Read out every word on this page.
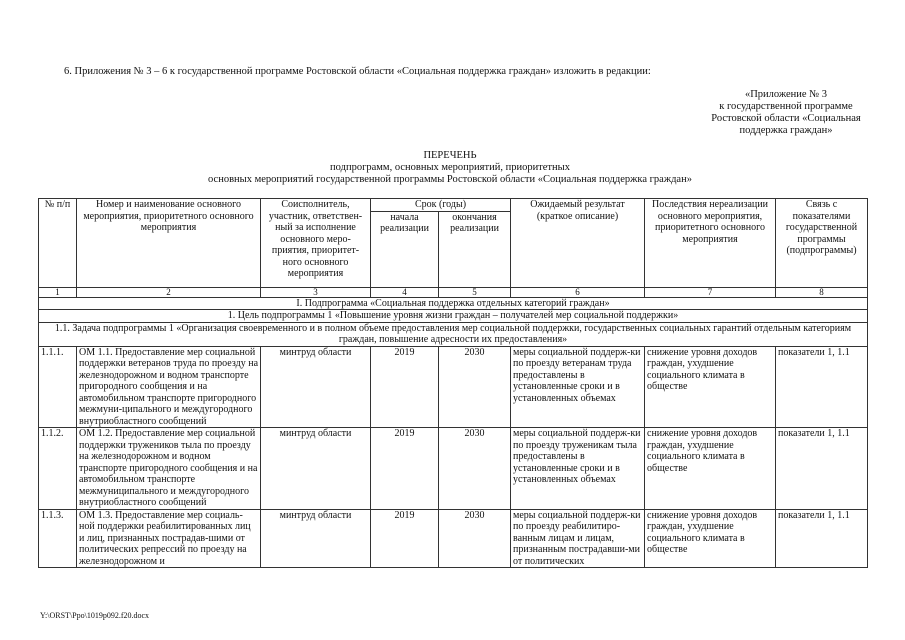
6. Приложения № 3 – 6 к государственной программе Ростовской области «Социальная поддержка граждан» изложить в редакции:
«Приложение № 3
к государственной программе
Ростовской области «Социальная
поддержка граждан»
ПЕРЕЧЕНЬ
подпрограмм, основных мероприятий, приоритетных
основных мероприятий государственной программы Ростовской области «Социальная поддержка граждан»
№ п/п	Номер и наименование основного мероприятия, приоритетного основного мероприятия	Соисполнитель, участник, ответствен-ный за исполнение основного меро-приятия, приоритет-ного основного мероприятия	Срок (годы)		Ожидаемый результат (краткое описание)	Последствия нереализации основного мероприятия, приоритетного основного мероприятия	Связь с показателями государственной программы (подпрограммы)
			начала реализации	окончания реализации			
1	2	3	4	5	6	7	8
I. Подпрограмма «Социальная поддержка отдельных категорий граждан»							
1. Цель подпрограммы 1 «Повышение уровня жизни граждан – получателей мер социальной поддержки»							
1.1. Задача подпрограммы 1 «Организация своевременного и в полном объеме предоставления мер социальной поддержки, государственных социальных гарантий отдельным категориям граждан, повышение адресности их предоставления»							
1.1.1.	ОМ 1.1. Предоставление мер социальной поддержки ветеранов труда по проезду на железнодорожном и водном транспорте пригородного сообщения и на автомобильном транспорте пригородного межмуни-ципального и междугородного внутриобластного сообщений	минтруд области	2019	2030	меры социальной поддерж-ки по проезду ветеранам труда предоставлены в установленные сроки и в установленных объемах	снижение уровня доходов граждан, ухудшение социального климата в обществе	показатели 1, 1.1
1.1.2.	ОМ 1.2. Предоставление мер социальной поддержки тружеников тыла по проезду на железнодорожном и водном транспорте пригородного сообщения и на автомобильном транспорте межмуниципального и междугородного внутриобластного сообщений	минтруд области	2019	2030	меры социальной поддерж-ки по проезду труженикам тыла предоставлены в установленные сроки и в установленных объемах	снижение уровня доходов граждан, ухудшение социального климата в обществе	показатели 1, 1.1
1.1.3.	ОМ 1.3. Предоставление мер социаль-ной поддержки реабилитированных лиц и лиц, признанных пострадав-шими от политических репрессий по проезду на железнодорожном и	минтруд области	2019	2030	меры социальной поддерж-ки по проезду реабилитиро-ванным лицам и лицам, признанным пострадавши-ми от политических	снижение уровня доходов граждан, ухудшение социального климата в обществе	показатели 1, 1.1
Y:\ORST\Ppo\1019p092.f20.docx
